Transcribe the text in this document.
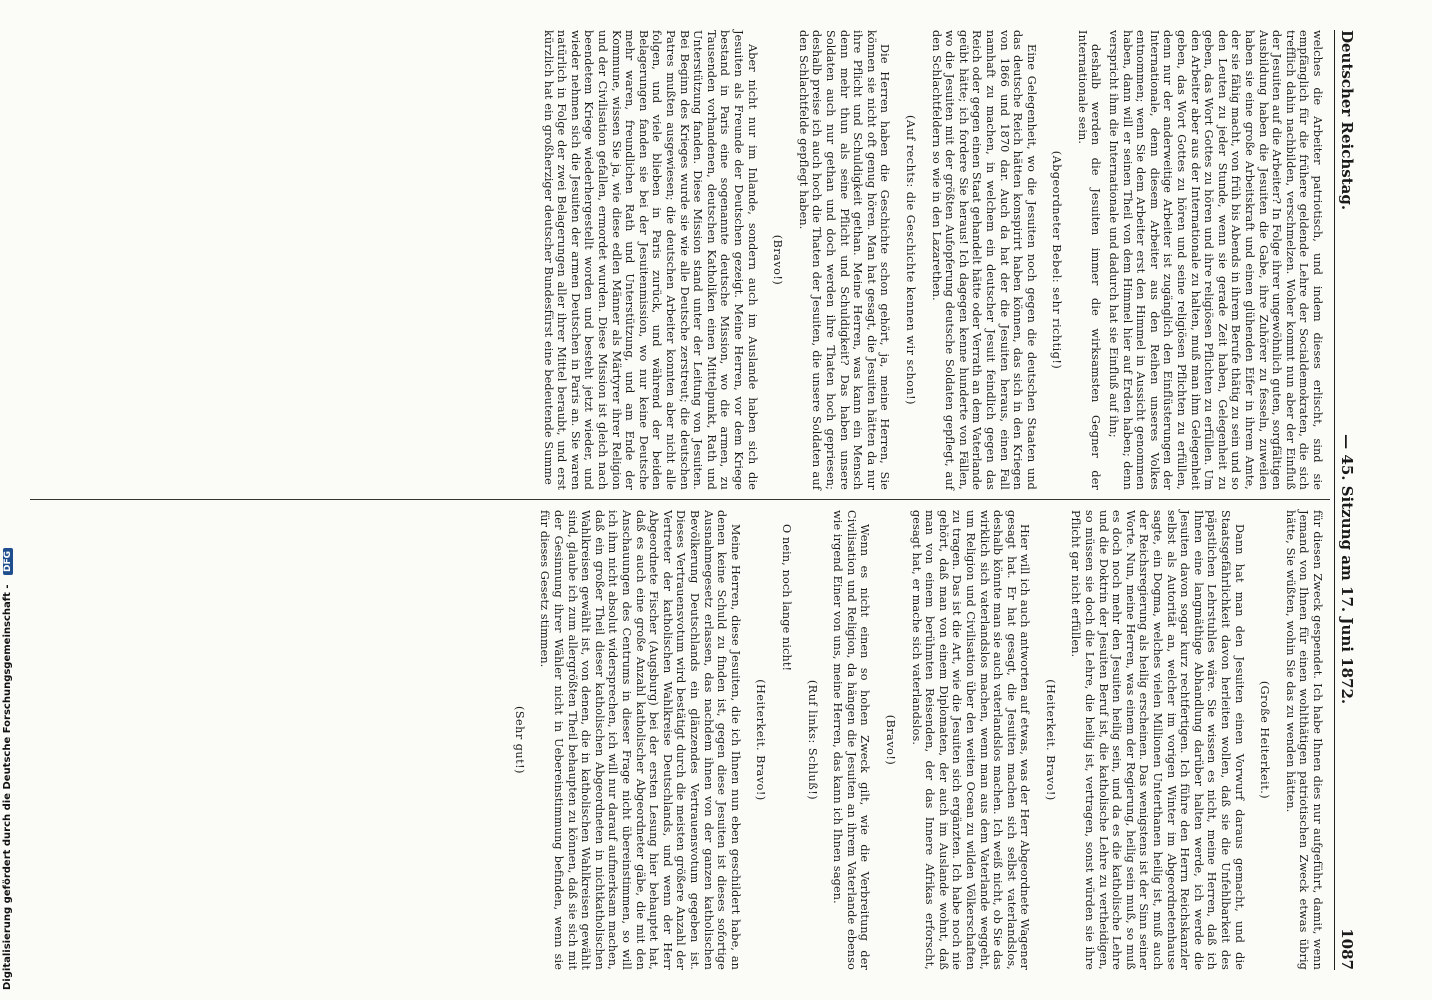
Deutscher Reichstag.
— 45. Sitzung am 17. Juni 1872.
1087

welches die Arbeiter patriotisch, und indem dieses erlischt, sind sie empfänglich für die frühere geldende Lehre der Socialdemokraten, die sich trefflich dahin nachbilden, verschmelzen. Woher kommt nun aber der Einfluß der Jesuiten auf die Arbeiter? In Folge ihrer ungewöhnlich guten, sorgfältigen Ausbildung haben die Jesuiten die Gabe, ihre Zuhörer zu fesseln, zuweilen haben sie eine große Arbeitskraft und einen glühenden Eifer in ihrem Amte, der sie fähig macht, von früh bis Abends in ihrem Berufe thätig zu sein und so den Leuten zu jeder Stunde, wenn sie gerade Zeit haben, Gelegenheit zu geben, das Wort Gottes zu hören und ihre religiösen Pflichten zu erfüllen. Um den Arbeiter aber aus der Internationale zu halten, muß man ihm Gelegenheit geben, das Wort Gottes zu hören und seine religiösen Pflichten zu erfüllen, denn nur der anderweitige Arbeiter ist zugänglich den Einflüsterungen der Internationale, denn diesem Arbeiter aus den Reihen unseres Volkes entnommen; wenn Sie dem Arbeiter erst den Himmel in Aussicht genommen haben, dann will er seinen Theil von dem Himmel hier auf Erden haben; denn verspricht ihm die Internationale und dadurch hat sie Einfluß auf ihn;

deshalb werden die Jesuiten immer die wirksamsten Gegner der Internationale sein.

(Abgeordneter Bebel: sehr richtig!)

Eine Gelegenheit, wo die Jesuiten noch gegen die deutschen Staaten und das deutsche Reich hätten konspirirt haben können, das sich in den Kriegen von 1866 und 1870 dar. Auch da hat der die Jesuiten heraus, einen Fall namhaft zu machen, in welchem ein deutscher Jesuit feindlich gegen das Reich oder gegen einen Staat gehandelt hätte oder Verrath an dem Vaterlande geübt hätte; ich fordere Sie heraus! Ich dagegen kenne hunderte von Fällen, wo die Jesuiten mit der größten Aufopferung deutsche Soldaten gepflegt, auf den Schlachtfeldern so wie in den Lazarethen.

(Auf rechts: die Geschichte kennen wir schon!)

Die Herren haben die Geschichte schon gehört, ja, meine Herren, Sie können sie nicht oft genug hören. Man hat gesagt, die Jesuiten hätten da nur ihre Pflicht und Schuldigkeit gethan. Meine Herren, was kann ein Mensch denn mehr thun als seine Pflicht und Schuldigkeit? Das haben unsere Soldaten auch nur gethan und doch werden ihre Thaten hoch gepriesen; deshalb preise ich auch hoch die Thaten der Jesuiten, die unsere Soldaten auf den Schlachtfelde gepflegt haben.

(Bravo!)

Aber nicht nur im Inlande, sondern auch im Auslande haben sich die Jesuiten als Freunde der Deutschen gezeigt. Meine Herren, vor dem Kriege bestand in Paris eine sogenannte deutsche Mission, wo die armen, zu Tausenden vorhandenen, deutschen Katholiken einen Mittelpunkt, Rath und Unterstützung fanden. Diese Mission stand unter der Leitung von Jesuiten. Bei Beginn des Krieges wurde sie wie alle Deutsche zerstreut; die deutschen Patres mußten ausgewiesen; die deutschen Arbeiter konnten aber nicht alle folgen, und viele blieben in Paris zurück, und während der beiden Belagerungen fanden sie bei der Jesuitenmission, wo nur keine Deutsche mehr waren, freundlichen Rath und Unterstützung, und am Ende der Kommune, wissen Sie ja, wie diese edlen Männer als Märtyrer ihrer Religion und der Civilisation gefallen, ermordet wurden. Diese Mission ist gleich nach beendetem Kriege wiederhergestellt worden und besteht jetzt wieder, und wieder nehmen sich die Jesuiten der armen Deutschen in Paris an. Sie waren natürlich in Folge der zwei Belagerungen aller ihrer Mittel beraubt, und erst kürzlich hat ein großherziger deutscher Bundesfürst eine bedeutende Summe

für diesen Zweck gespendet. Ich habe Ihnen dies nur aufgeführt, damit, wenn Jemand von Ihnen für einen wohlthätigen patriotischen Zweck etwas übrig hätte, Sie wüßten, wohin Sie das zu wenden hätten.

(Große Heiterkeit.)

Dann hat man den Jesuiten einen Vorwurf daraus gemacht, und die Staatsgefährlichkeit davon herleiten wollen, daß sie die Unfehlbarkeit des päpstlichen Lehrstuhles wäre. Sie wissen es nicht, meine Herren, daß ich Ihnen eine langmäthige Abhandlung darüber halten werde, ich werde die Jesuiten davon sogar kurz rechtfertigen. Ich führe den Herrn Reichskanzler selbst als Autorität an, welcher im vorigen Winter im Abgeordnetenhause sagte, ein Dogma, welches vielen Millionen Unterthanen heilig ist, muß auch der Reichsregierung als heilig erscheinen. Das wenigstens ist der Sinn seiner Worte. Nun, meine Herren, was einem der Regierung, heilig sein muß, so muß es doch noch mehr den Jesuiten heilig sein, und da es die katholische Lehre und die Doktrin der Jesuiten Beruf ist, die katholische Lehre zu vertheidigen, so müssen sie doch die Lehre, die heilig ist, vertragen, sonst würden sie ihre Pflicht gar nicht erfüllen.

(Heiterkeit. Bravo!)

Hier will ich auch antworten auf etwas, was der Herr Abgeordnete Wagener gesagt hat. Er hat gesagt, die Jesuiten machen sich selbst vaterlandslos, deshalb könnte man sie auch vaterlandslos machen. Ich weiß nicht, ob Sie das wirklich sich vaterlandslos machen, wenn man aus dem Vaterlande weggeht, um Religion und Civilisation über den weiten Ocean zu wilden Völkerschaften zu tragen. Das ist die Art, wie die Jesuiten sich ergänzten. Ich habe noch nie gehört, daß man von einem Diplomaten, der auch im Auslande wohnt, daß man von einem berühmten Reisenden, der das Innere Afrikas erforscht, gesagt hat, er mache sich vaterlandslos.

(Bravo!)

Wenn es nicht einen so hohen Zweck gilt, wie die Verbreitung der Civilisation und Religion, da hängen die Jesuiten an ihrem Vaterlande ebenso wie irgend Einer von uns, meine Herren, das kann ich Ihnen sagen.

(Ruf links: Schluß!)

O nein, noch lange nicht!

(Heiterkeit. Bravo!)

Meine Herren, diese Jesuiten, die ich Ihnen nun eben geschildert habe, an denen keine Schuld zu finden ist, gegen diese Jesuiten ist dieses sofortige Ausnahmegesetz erlassen, das nachdem ihnen von der ganzen katholischen Bevölkerung Deutschlands ein glänzendes Vertrauensvotum gegeben ist. Dieses Vertrauensvotum wird bestätigt durch die meisten größere Anzahl der Vertreter der katholischen Wahlkreise Deutschlands, und wenn der Herr Abgeordnete Fischer (Augsburg) bei der ersten Lesung hier behauptet hat, daß es auch eine große Anzahl katholischer Abgeordneter gäbe, die mit den Anschauungen des Centrums in dieser Frage nicht übereinstimmen, so will ich ihm nicht absolut widersprechen, ich will nur darauf aufmerksam machen, daß ein großer Theil dieser katholischen Abgeordneten in nichtkatholischen Wahlkreisen gewählt ist, von denen, die in katholischen Wahlkreisen gewählt sind, glaube ich zum allergrößten Theil behaupten zu können, daß sie sich mit der Gesinnung ihrer Wähler nicht in Uebereinstimmung befinden, wenn sie für dieses Gesetz stimmen.

(Sehr gut!)

Digitalisierung gefördert durch die Deutsche Forschungsgemeinschaft - DFG
